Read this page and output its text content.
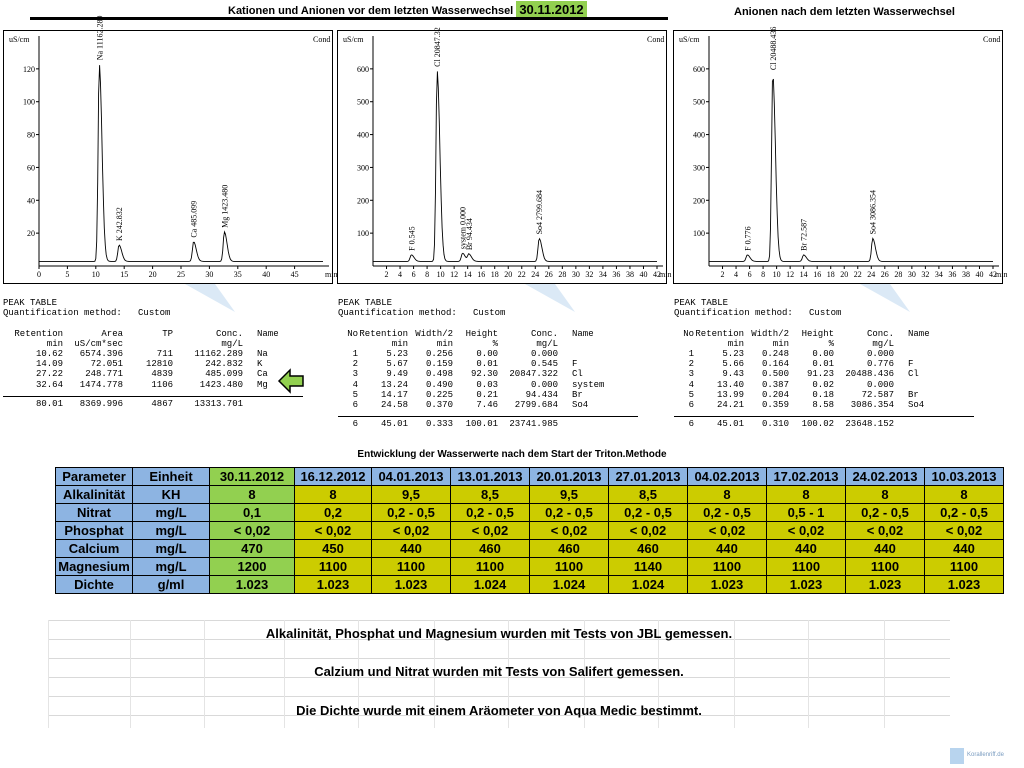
Kationen und Anionen vor dem letzten Wasserwechsel 30.11.2012	Anionen nach dem letzten Wasserwechsel
uS/cm	Cond
20
40
60
80
100
120
0	5	10	15	20	25	30	35	40	45	min
Na 11162.289
K 242.832	Ca 485.099	Mg 1423.480
uS/cm	Cond
100
200
300
400
500
600
2 4 6 8 10 12 14 16 18 20 22 24 26 28 30 32 34 36 38 40 42
min
F 0.545
Cl 20847.32
system 0.000
Br 94.434	So4 2799.684
uS/cm	Cond
100
200
300
400
500
600
2 4 6 8 10 12 14 16 18 20 22 24 26 28 30 32 34 36 38 40 42
min
F 0.776
Cl 20488.436
Br 72.587
So4 3086.354
PEAK TABLE
Quantification method:   Custom

Retention	Area	TP	Conc.	Name
min	uS/cm*sec	mg/L
10.62	6574.396	711	11162.289	Na
14.09	72.051	12810	242.832	K
27.22	248.771	4839	485.099	Ca
32.64	1474.778	1106	1423.480	Mg
80.01	8369.996	4867	13313.701
PEAK TABLE
Quantification method:   Custom

No Retention Width/2	Height	Conc.	Name
min	min	%	mg/L
1	5.23	0.256	0.00	0.000
2	5.67	0.159	0.01	0.545	F
3	9.49	0.498	92.30	20847.322	Cl
4	13.24	0.490	0.03	0.000	system
5	14.17	0.225	0.21	94.434	Br
6	24.58	0.370	7.46	2799.684	So4
6	45.01	0.333	100.01	23741.985
PEAK TABLE
Quantification method:   Custom

No Retention Width/2	Height	Conc.	Name
min	min	%	mg/L
1	5.23	0.248	0.00	0.000
2	5.66	0.164	0.01	0.776	F
3	9.43	0.500	91.23	20488.436	Cl
4	13.40	0.387	0.02	0.000
5	13.99	0.204	0.18	72.587	Br
6	24.21	0.359	8.58	3086.354	So4
6	45.01	0.310	100.02	23648.152
Entwicklung der Wasserwerte nach dem Start der Triton.Methode
Parameter	Einheit	30.11.2012	16.12.2012	04.01.2013	13.01.2013	20.01.2013	27.01.2013	04.02.2013	17.02.2013	24.02.2013	10.03.2013
Alkalinität	KH	8	8	9,5	8,5	9,5	8,5	8	8	8	8
Nitrat	mg/L	0,1	0,2	0,2 - 0,5	0,2 - 0,5	0,2 - 0,5	0,2 - 0,5	0,2 - 0,5	0,5 - 1	0,2 - 0,5	0,2 - 0,5
Phosphat	mg/L	< 0,02	< 0,02	< 0,02	< 0,02	< 0,02	< 0,02	< 0,02	< 0,02	< 0,02	< 0,02
Calcium	mg/L	470	450	440	460	460	460	440	440	440	440
Magnesium	mg/L	1200	1100	1100	1100	1100	1140	1100	1100	1100	1100
Dichte	g/ml	1.023	1.023	1.023	1.024	1.024	1.024	1.023	1.023	1.023	1.023
Alkalinität, Phosphat und Magnesium wurden mit Tests von JBL gemessen.
Calzium und Nitrat wurden mit Tests von Salifert gemessen.
Die Dichte wurde mit einem Aräometer von Aqua Medic bestimmt.
Korallenriff.de
